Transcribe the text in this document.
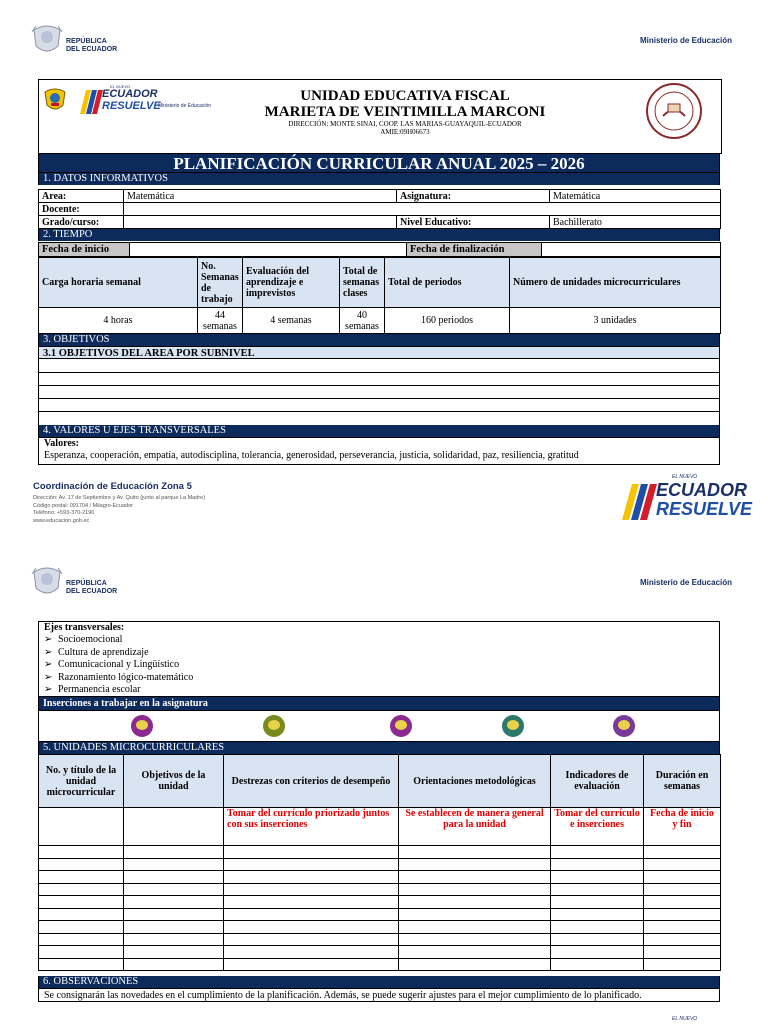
REPÚBLICA
DEL ECUADOR
Ministerio de Educación
EL NUEVO
ECUADOR
RESUELVE
Ministerio de Educación
UNIDAD EDUCATIVA FISCAL
MARIETA DE VEINTIMILLA MARCONI
DIRECCIÓN: MONTE SINAI, COOP. LAS MARIAS-GUAYAQUIL-ECUADOR
AMIE:09H06673
PLANIFICACIÓN CURRICULAR ANUAL 2025 – 2026
1. DATOS INFORMATIVOS
Area:	Matemática	Asignatura:	Matemática
Docente:			
Grado/curso:		Nivel Educativo:	Bachillerato
2. TIEMPO
Fecha de inicio		Fecha de finalización	
Carga horaria semanal	No. Semanas de trabajo	Evaluación del aprendizaje e imprevistos	Total de semanas clases	Total de periodos	Número de unidades microcurriculares
4 horas	44 semanas	4 semanas	40 semanas	160 periodos	3 unidades
3. OBJETIVOS
3.1 OBJETIVOS DEL AREA POR SUBNIVEL
4. VALORES U EJES TRANSVERSALES
Valores:
Esperanza, cooperación, empatía, autodisciplina, tolerancia, generosidad, perseverancia, justicia, solidaridad, paz, resiliencia, gratitud
Coordinación de Educación Zona 5
Dirección: Av. 17 de Septiembre y Av. Quito (junto al parque La Madre)
Código postal: 091704 / Milagro-Ecuador
Teléfono: +593-370-2190
www.educacion.gob.ec
EL NUEVO
ECUADOR
RESUELVE
REPÚBLICA
DEL ECUADOR
Ministerio de Educación
Ejes transversales:
➢ Socioemocional
➢ Cultura de aprendizaje
➢ Comunicacional y Lingüístico
➢ Razonamiento lógico-matemático
➢ Permanencia escolar
Inserciones a trabajar en la asignatura
5. UNIDADES MICROCURRICULARES
No. y título de la unidad microcurricular	Objetivos de la unidad	Destrezas con criterios de desempeño	Orientaciones metodológicas	Indicadores de evaluación	Duración en semanas
		Tomar del currículo priorizado juntos con sus inserciones	Se establecen de manera general para la unidad	Tomar del currículo e inserciones	Fecha de inicio y fin

6. OBSERVACIONES
Se consignarán las novedades en el cumplimiento de la planificación. Además, se puede sugerir ajustes para el mejor cumplimiento de lo planificado.
EL NUEVO
